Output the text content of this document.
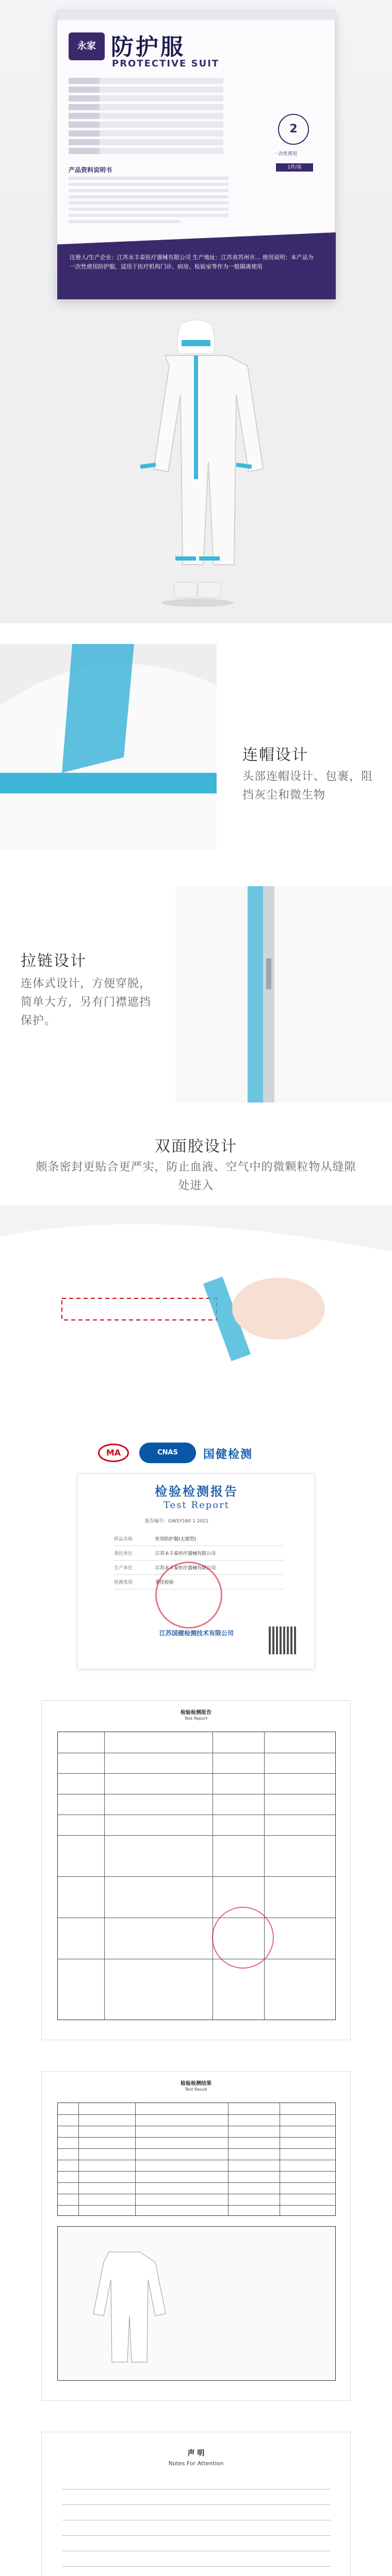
永家 防护服
PROTECTIVE SUIT
产品资料说明书
2
一次性使用
1件/袋
注册人/生产企业：江苏永丰泰医疗器械有限公司 生产地址：江苏省苏州市… 使用说明：本产品为一次性使用防护服，适用于医疗机构门诊、病房、检验室等作为一般隔离使用
连帽设计

头部连帽设计、包裹，阻挡灰尘和微生物

拉链设计

连体式设计，方便穿脱，简单大方，另有门襟遮挡保护。

双面胶设计

颇条密封更贴合更严实，防止血液、空气中的微颗粒物从缝隙处进入

MA	CNAS	国健检测
检验检测报告
Test Report
报告编号：GWSY160 1 2021
样品名称	医用防护服(无菌型)
委托单位	江苏永丰泰医疗器械有限公司
生产单位	江苏永丰泰医疗器械有限公司
检测类别	委托检验
江苏国健检测技术有限公司
检验检测报告
Test Report
检验检测结果
Test Result
声 明
Notes For Attention
